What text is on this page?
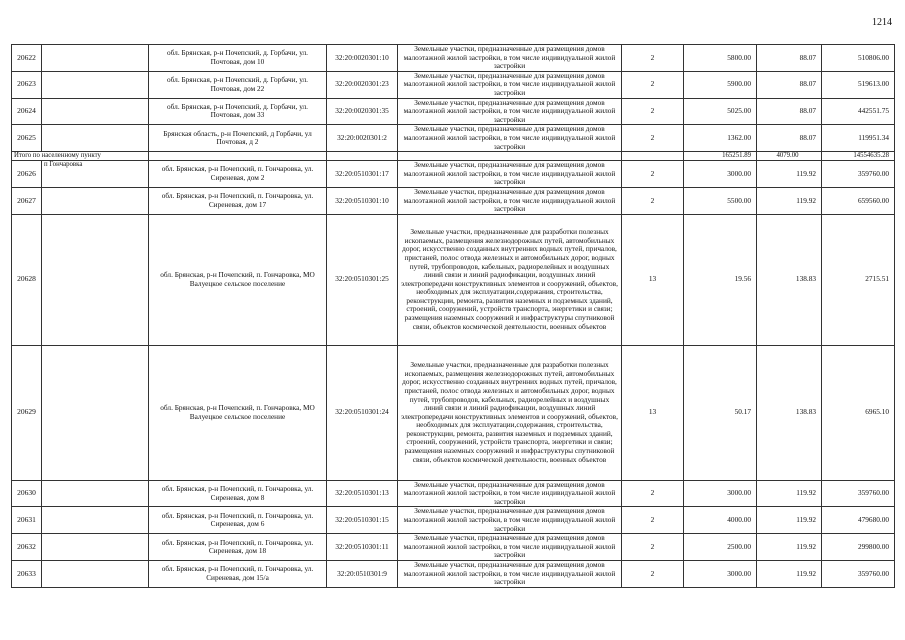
1214
20622		обл. Брянская, р-н Почепский, д. Горбачи, ул. Почтовая, дом 10	32:20:0020301:10	Земельные участки, предназначенные для размещения домов малоэтажной жилой застройки, в том числе индивидуальной жилой застройки	2	5800.00	88.07	510806.00
20623		обл. Брянская, р-н Почепский, д. Горбачи, ул. Почтовая, дом 22	32:20:0020301:23	Земельные участки, предназначенные для размещения домов малоэтажной жилой застройки, в том числе индивидуальной жилой застройки	2	5900.00	88.07	519613.00
20624		обл. Брянская, р-н Почепский, д. Горбачи, ул. Почтовая, дом 33	32:20:0020301:35	Земельные участки, предназначенные для размещения домов малоэтажной жилой застройки, в том числе индивидуальной жилой застройки	2	5025.00	88.07	442551.75
20625		Брянская область, р-н Почепский, д Горбачи, ул Почтовая, д 2	32:20:0020301:2	Земельные участки, предназначенные для размещения домов малоэтажной жилой застройки, в том числе индивидуальной жилой застройки	2	1362.00	88.07	119951.34
Итого по населенному пункту						165251.89	4079.00	14554635.28
20626	п Гончаровка	обл. Брянская, р-н Почепский, п. Гончаровка, ул. Сиреневая, дом 2	32:20:0510301:17	Земельные участки, предназначенные для размещения домов малоэтажной жилой застройки, в том числе индивидуальной жилой застройки	2	3000.00	119.92	359760.00
20627		обл. Брянская, р-н Почепский, п. Гончаровка, ул. Сиреневая, дом 17	32:20:0510301:10	Земельные участки, предназначенные для размещения домов малоэтажной жилой застройки, в том числе индивидуальной жилой застройки	2	5500.00	119.92	659560.00
20628		обл. Брянская, р-н Почепский, п. Гончаровка, МО Валуецкое сельское поселение	32:20:0510301:25	Земельные участки, предназначенные для разработки полезных ископаемых, размещения железнодорожных путей, автомобильных дорог, искусственно созданных внутренних водных путей, причалов, пристаней, полос отвода железных и автомобильных дорог, водных путей, трубопроводов, кабельных, радиорелейных и воздушных линий связи и линий радиофикации, воздушных линий электропередачи конструктивных элементов и сооружений, объектов, необходимых для эксплуатации,содержания, строительства, реконструкции, ремонта, развития наземных и подземных зданий, строений, сооружений, устройств транспорта, энергетики и связи; размещения наземных сооружений и инфраструктуры спутниковой связи, объектов космической деятельности, военных объектов	13	19.56	138.83	2715.51
20629		обл. Брянская, р-н Почепский, п. Гончаровка, МО Валуецкое сельское поселение	32:20:0510301:24	Земельные участки, предназначенные для разработки полезных ископаемых, размещения железнодорожных путей, автомобильных дорог, искусственно созданных внутренних водных путей, причалов, пристаней, полос отвода железных и автомобильных дорог, водных путей, трубопроводов, кабельных, радиорелейных и воздушных линий связи и линий радиофикации, воздушных линий электропередачи конструктивных элементов и сооружений, объектов, необходимых для эксплуатации,содержания, строительства, реконструкции, ремонта, развития наземных и подземных зданий, строений, сооружений, устройств транспорта, энергетики и связи; размещения наземных сооружений и инфраструктуры спутниковой связи, объектов космической деятельности, военных объектов	13	50.17	138.83	6965.10
20630		обл. Брянская, р-н Почепский, п. Гончаровка, ул. Сиреневая, дом 8	32:20:0510301:13	Земельные участки, предназначенные для размещения домов малоэтажной жилой застройки, в том числе индивидуальной жилой застройки	2	3000.00	119.92	359760.00
20631		обл. Брянская, р-н Почепский, п. Гончаровка, ул. Сиреневая, дом 6	32:20:0510301:15	Земельные участки, предназначенные для размещения домов малоэтажной жилой застройки, в том числе индивидуальной жилой застройки	2	4000.00	119.92	479680.00
20632		обл. Брянская, р-н Почепский, п. Гончаровка, ул. Сиреневая, дом 18	32:20:0510301:11	Земельные участки, предназначенные для размещения домов малоэтажной жилой застройки, в том числе индивидуальной жилой застройки	2	2500.00	119.92	299800.00
20633		обл. Брянская, р-н Почепский, п. Гончаровка, ул. Сиреневая, дом 15/а	32:20:0510301:9	Земельные участки, предназначенные для размещения домов малоэтажной жилой застройки, в том числе индивидуальной жилой застройки	2	3000.00	119.92	359760.00
